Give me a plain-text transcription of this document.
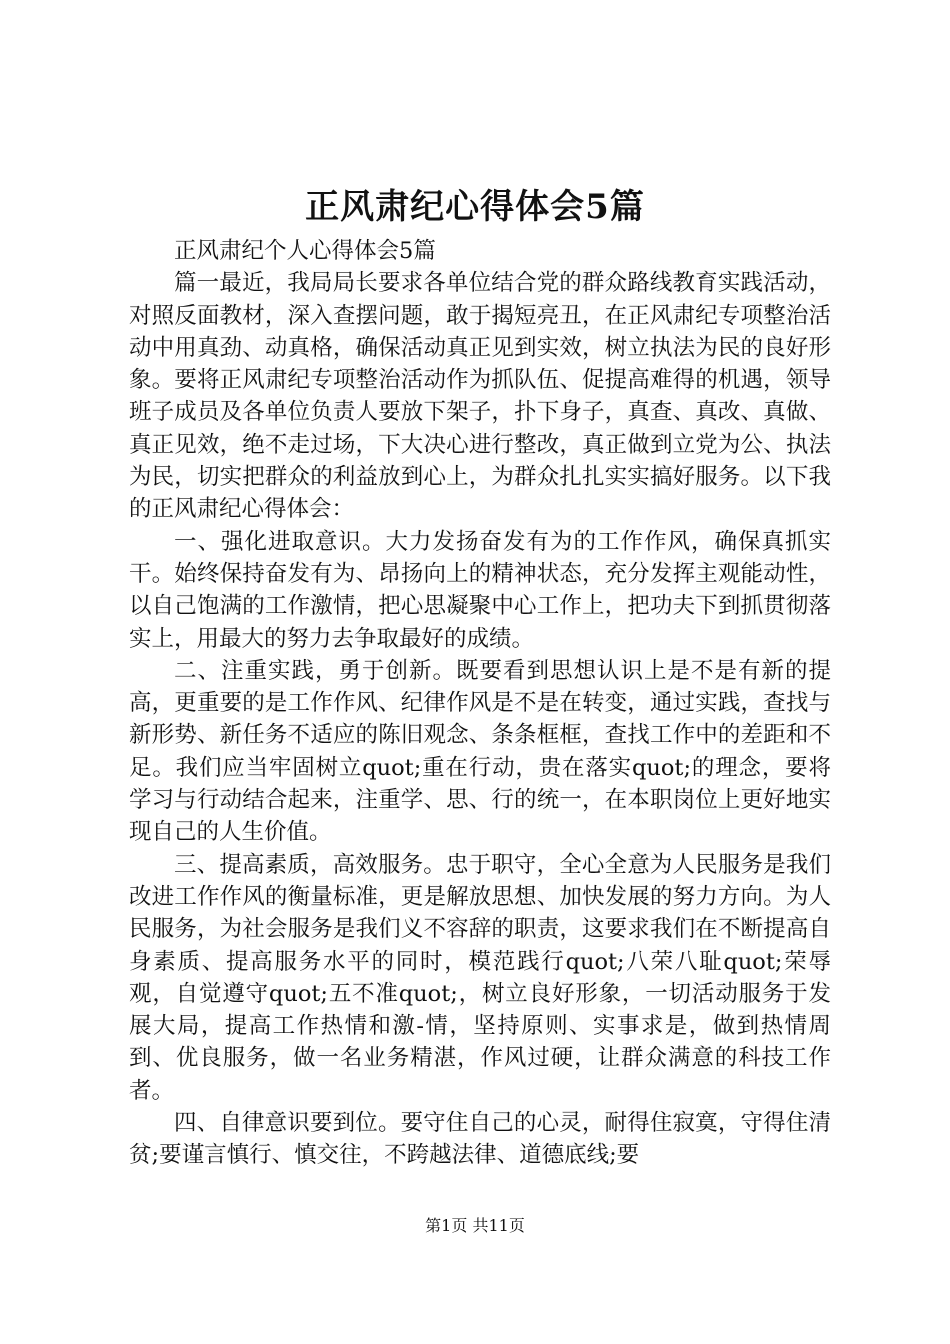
正风肃纪心得体会5篇

正风肃纪个人心得体会5篇

篇一最近，我局局长要求各单位结合党的群众路线教育实践活动，对照反面教材，深入查摆问题，敢于揭短亮丑，在正风肃纪专项整治活动中用真劲、动真格，确保活动真正见到实效，树立执法为民的良好形象。要将正风肃纪专项整治活动作为抓队伍、促提高难得的机遇，领导班子成员及各单位负责人要放下架子，扑下身子，真查、真改、真做、真正见效，绝不走过场，下大决心进行整改，真正做到立党为公、执法为民，切实把群众的利益放到心上，为群众扎扎实实搞好服务。以下我的正风肃纪心得体会：

一、强化进取意识。大力发扬奋发有为的工作作风，确保真抓实干。始终保持奋发有为、昂扬向上的精神状态，充分发挥主观能动性，以自己饱满的工作激情，把心思凝聚中心工作上，把功夫下到抓贯彻落实上，用最大的努力去争取最好的成绩。

二、注重实践，勇于创新。既要看到思想认识上是不是有新的提高，更重要的是工作作风、纪律作风是不是在转变，通过实践，查找与新形势、新任务不适应的陈旧观念、条条框框，查找工作中的差距和不足。我们应当牢固树立quot;重在行动，贵在落实quot;的理念，要将学习与行动结合起来，注重学、思、行的统一，在本职岗位上更好地实现自己的人生价值。

三、提高素质，高效服务。忠于职守，全心全意为人民服务是我们改进工作作风的衡量标准，更是解放思想、加快发展的努力方向。为人民服务，为社会服务是我们义不容辞的职责，这要求我们在不断提高自身素质、提高服务水平的同时，模范践行quot;八荣八耻quot;荣辱观，自觉遵守quot;五不准quot;，树立良好形象，一切活动服务于发展大局，提高工作热情和激-情，坚持原则、实事求是，做到热情周到、优良服务，做一名业务精湛，作风过硬，让群众满意的科技工作者。

四、自律意识要到位。要守住自己的心灵，耐得住寂寞，守得住清贫;要谨言慎行、慎交往，不跨越法律、道德底线;要

第1页 共11页
